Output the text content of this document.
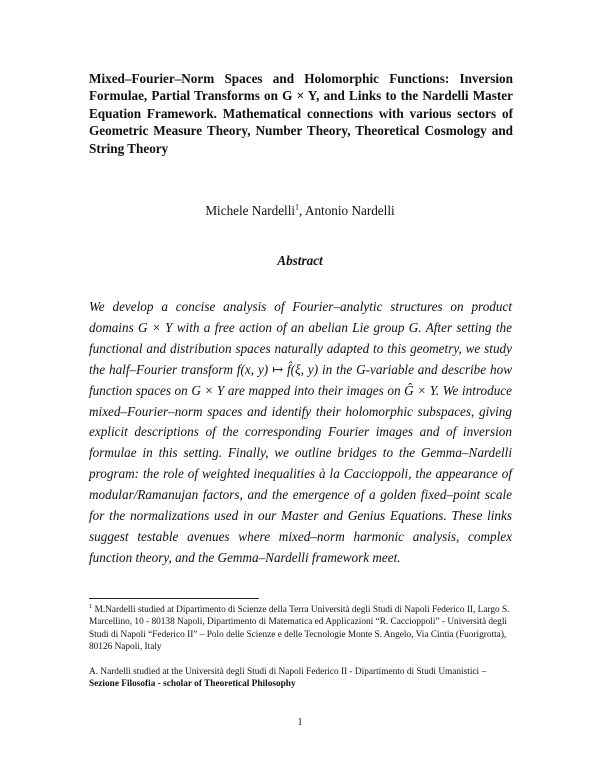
Mixed–Fourier–Norm Spaces and Holomorphic Functions: Inversion Formulae, Partial Transforms on G × Y, and Links to the Nardelli Master Equation Framework. Mathematical connections with various sectors of Geometric Measure Theory, Number Theory, Theoretical Cosmology and String Theory
Michele Nardelli$^1$, Antonio Nardelli
Abstract
We develop a concise analysis of Fourier–analytic structures on product domains G × Y with a free action of an abelian Lie group G. After setting the functional and distribution spaces naturally adapted to this geometry, we study the half–Fourier transform f(x, y) ↦ f̂(ξ, y) in the G-variable and describe how function spaces on G × Y are mapped into their images on Ĝ × Y. We introduce mixed–Fourier–norm spaces and identify their holomorphic subspaces, giving explicit descriptions of the corresponding Fourier images and of inversion formulae in this setting. Finally, we outline bridges to the Gemma–Nardelli program: the role of weighted inequalities à la Caccioppoli, the appearance of modular/Ramanujan factors, and the emergence of a golden fixed–point scale for the normalizations used in our Master and Genius Equations. These links suggest testable avenues where mixed–norm harmonic analysis, complex function theory, and the Gemma–Nardelli framework meet.
$^1$ M.Nardelli studied at Dipartimento di Scienze della Terra Università degli Studi di Napoli Federico II, Largo S. Marcellino, 10 - 80138 Napoli, Dipartimento di Matematica ed Applicazioni “R. Caccioppoli” - Università degli Studi di Napoli “Federico II” – Polo delle Scienze e delle Tecnologie Monte S. Angelo, Via Cintia (Fuorigrotta), 80126 Napoli, Italy
A. Nardelli studied at the Università degli Studi di Napoli Federico II - Dipartimento di Studi Umanistici – Sezione Filosofia - scholar of Theoretical Philosophy
1
